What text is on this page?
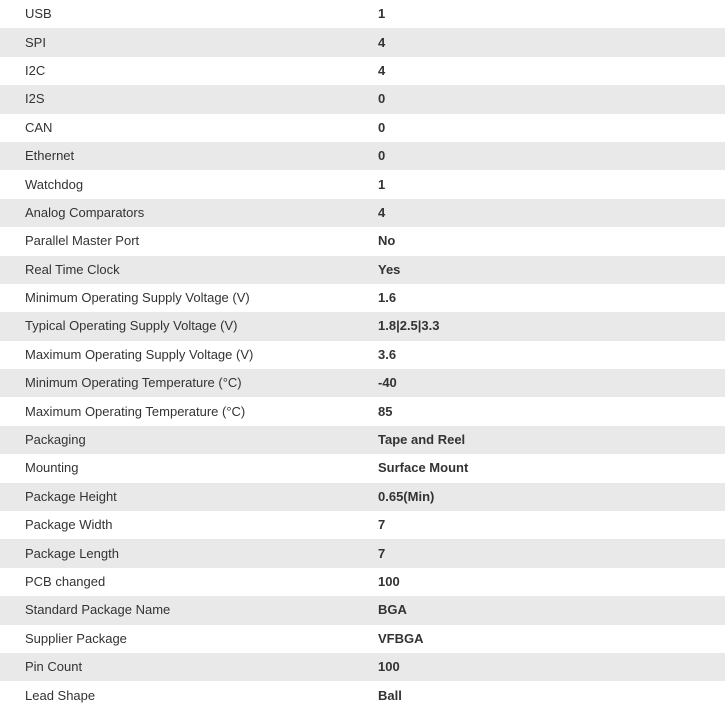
USB	1
SPI	4
I2C	4
I2S	0
CAN	0
Ethernet	0
Watchdog	1
Analog Comparators	4
Parallel Master Port	No
Real Time Clock	Yes
Minimum Operating Supply Voltage (V)	1.6
Typical Operating Supply Voltage (V)	1.8|2.5|3.3
Maximum Operating Supply Voltage (V)	3.6
Minimum Operating Temperature (°C)	-40
Maximum Operating Temperature (°C)	85
Packaging	Tape and Reel
Mounting	Surface Mount
Package Height	0.65(Min)
Package Width	7
Package Length	7
PCB changed	100
Standard Package Name	BGA
Supplier Package	VFBGA
Pin Count	100
Lead Shape	Ball
